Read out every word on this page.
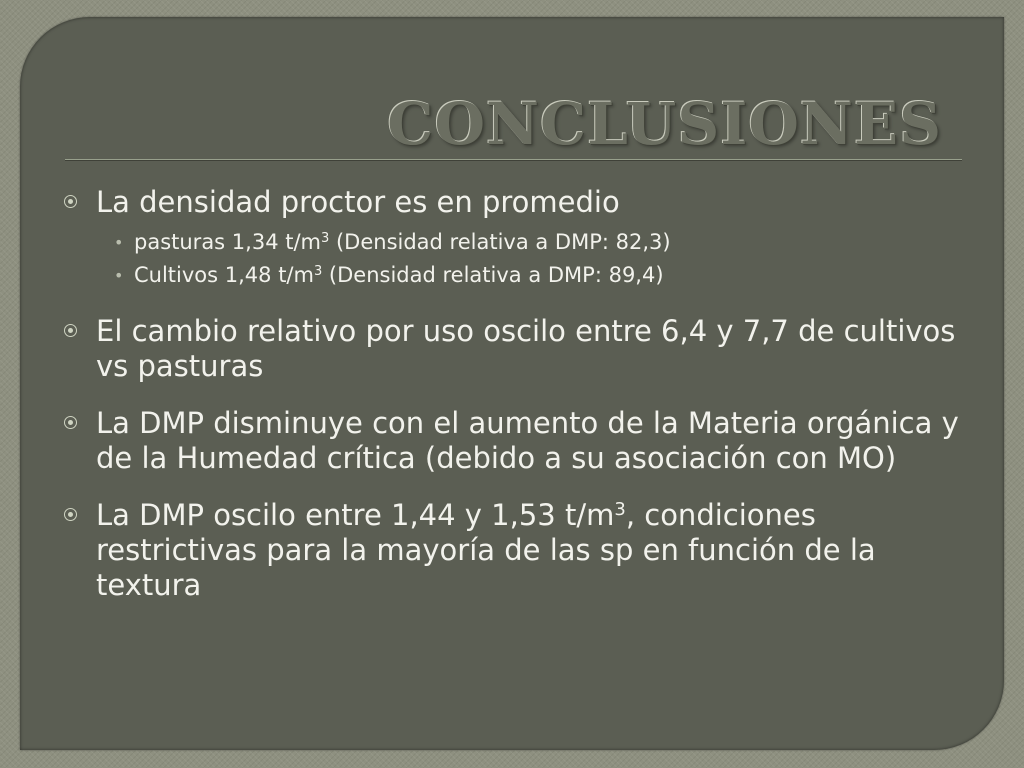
CONCLUSIONES
La densidad proctor es en promedio
• pasturas 1,34 $t/m^3$ (Densidad relativa a DMP: 82,3)
• Cultivos 1,48 $t/m^3$ (Densidad relativa a DMP: 89,4)
El cambio relativo por uso oscilo entre 6,4 y 7,7 de cultivos vs pasturas
La DMP disminuye con el aumento de la Materia orgánica y de la Humedad crítica (debido a su asociación con MO)
La DMP oscilo entre 1,44 y 1,53 $t/m^3$, condiciones restrictivas para la mayoría de las sp en función de la textura
